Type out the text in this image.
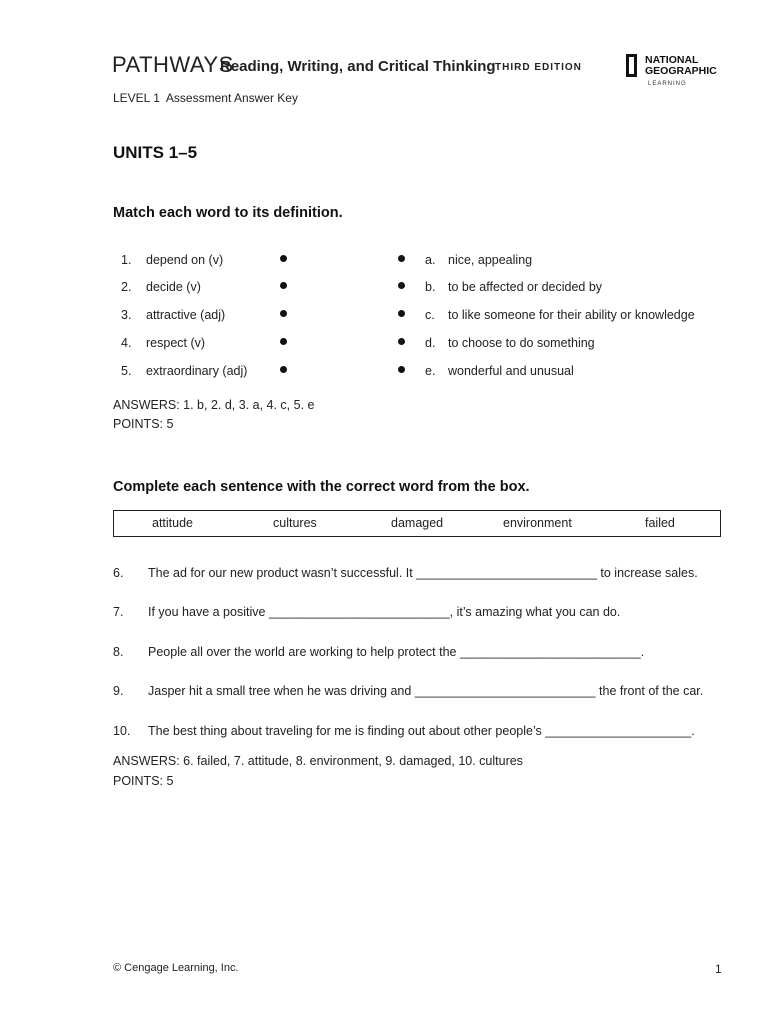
PATHWAYS
Reading, Writing, and Critical Thinking THIRD EDITION
NATIONAL
GEOGRAPHIC
LEARNING
LEVEL 1  Assessment Answer Key
UNITS 1–5
Match each word to its definition.
1. depend on (v)	a. nice, appealing
2. decide (v)	b. to be affected or decided by
3. attractive (adj)	c. to like someone for their ability or knowledge
4. respect (v)	d. to choose to do something
5. extraordinary (adj)	e. wonderful and unusual
ANSWERS: 1. b, 2. d, 3. a, 4. c, 5. e
POINTS: 5
Complete each sentence with the correct word from the box.
attitude	cultures	damaged	environment	failed
6. The ad for our new product wasn’t successful. It __________________________ to increase sales.
7. If you have a positive __________________________, it’s amazing what you can do.
8. People all over the world are working to help protect the __________________________.
9. Jasper hit a small tree when he was driving and __________________________ the front of the car.
10. The best thing about traveling for me is finding out about other people’s _____________________.
ANSWERS: 6. failed, 7. attitude, 8. environment, 9. damaged, 10. cultures
POINTS: 5
© Cengage Learning, Inc.	1
